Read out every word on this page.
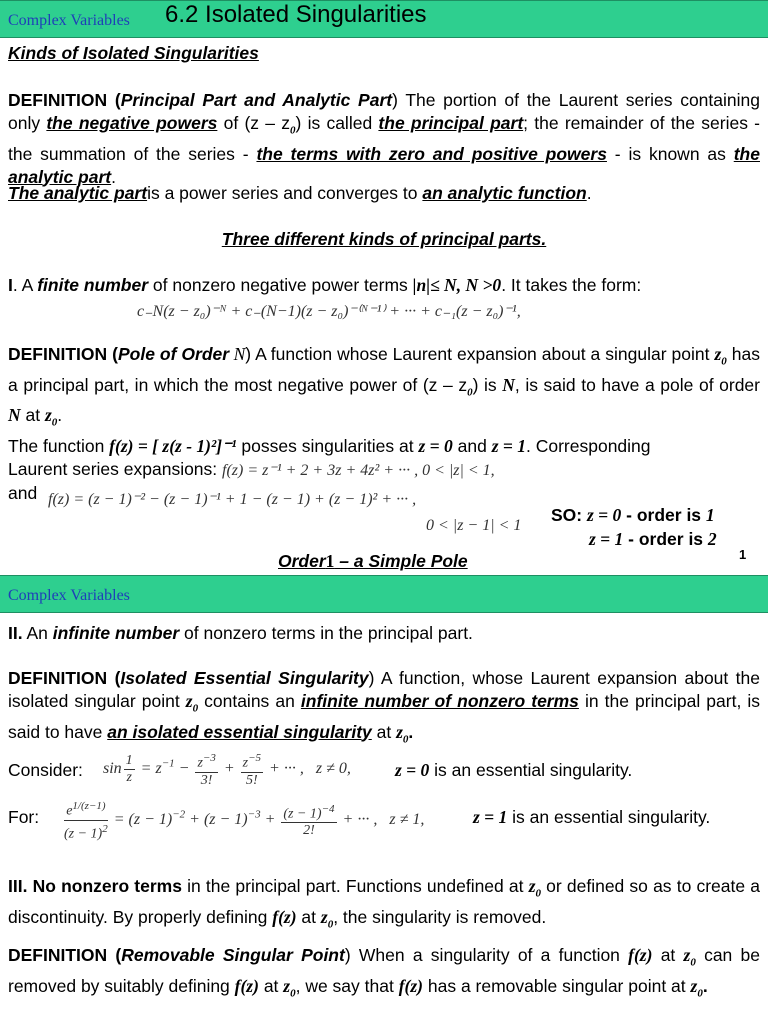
Complex Variables 6.2 Isolated Singularities
Kinds of Isolated Singularities
DEFINITION (Principal Part and Analytic Part) The portion of the Laurent series containing only the negative powers of $(z - z_0)$ is called the principal part; the remainder of the series - the summation of the series - the terms with zero and positive powers - is known as the analytic part.
The analytic partis a power series and converges to an analytic function.
Three different kinds of principal parts.
I. A finite number of nonzero negative power terms |n|≤ N, N >0. It takes the form:
c₋N(z − z₀)⁻ᴺ + c₋(N−1)(z − z₀)⁻⁽ᴺ⁻¹⁾ + ··· + c₋₁(z − z₀)⁻¹,
DEFINITION (Pole of Order N) A function whose Laurent expansion about a singular point $z_0$ has a principal part, in which the most negative power of $(z - z_0)$ is N, is said to have a pole of order N at $z_0$.
The function f(z) = [ z(z - 1)²]⁻¹ posses singularities at z = 0 and z = 1. Corresponding
Laurent series expansions: f(z) = z⁻¹ + 2 + 3z + 4z² + ··· , 0 < |z| < 1,
and f(z) = (z − 1)⁻² − (z − 1)⁻¹ + 1 − (z − 1) + (z − 1)² + ··· ,
0 < |z − 1| < 1
SO: z = 0 - order is 1
z = 1 - order is 2
Order1 – a Simple Pole	1
Complex Variables
II. An infinite number of nonzero terms in the principal part.
DEFINITION (Isolated Essential Singularity) A function, whose Laurent expansion about the isolated singular point $z_0$ contains an infinite number of nonzero terms in the principal part, is said to have an isolated essential singularity at $z_0$.
Consider: $\sin \frac{1}{z} = z^{-1} - \frac{z^{-3}}{3!} + \frac{z^{-5}}{5!}$ + ··· ,   z ≠ 0,	z = 0 is an essential singularity.
For: $\frac{e^{1/(z-1)}}{(z - 1)^2} = (z - 1)^{-2} + (z - 1)^{-3} + \frac{(z - 1)^{-4}}{2!}$ + ··· ,   z ≠ 1,	z = 1 is an essential singularity.
III. No nonzero terms in the principal part. Functions undefined at $z_0$ or defined so as to create a discontinuity. By properly defining f(z) at $z_0$, the singularity is removed.
DEFINITION (Removable Singular Point) When a singularity of a function f(z) at $z_0$ can be removed by suitably defining f(z) at $z_0$, we say that f(z) has a removable singular point at $z_0$.
